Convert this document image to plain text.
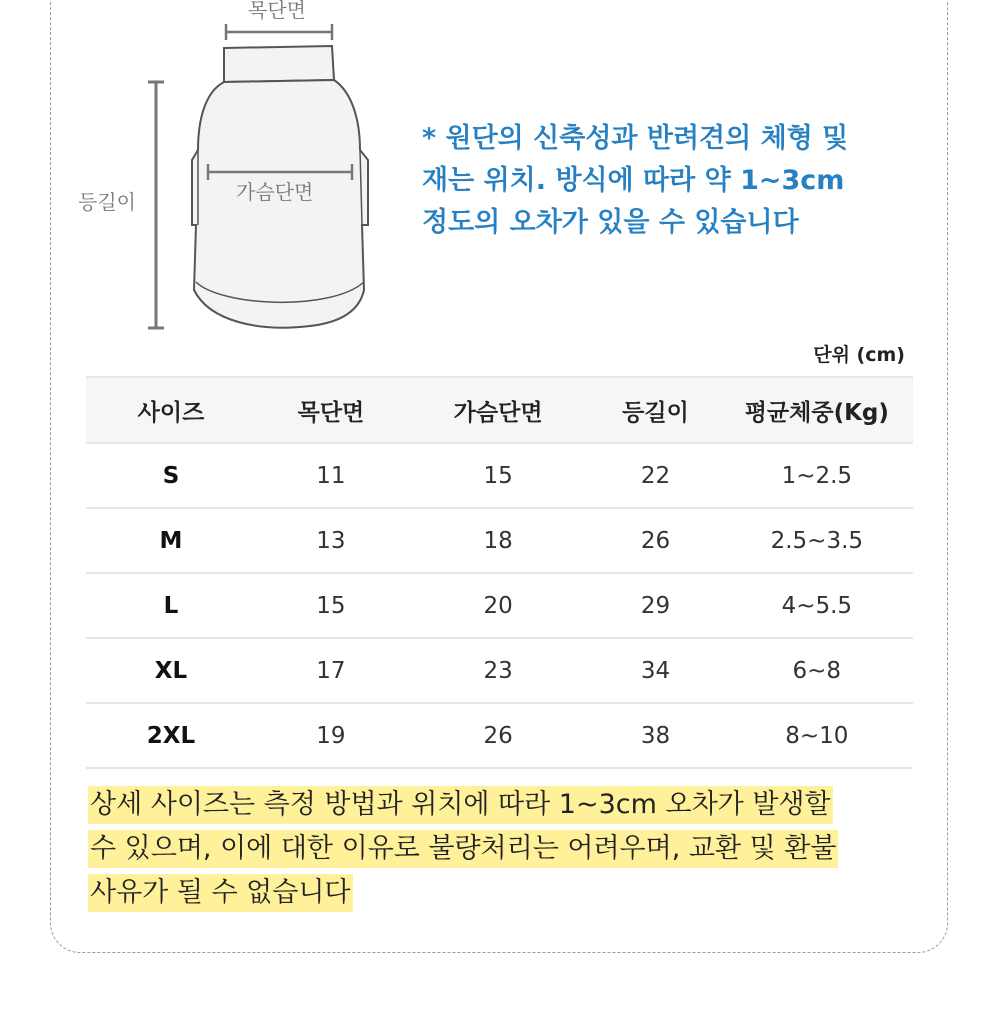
목단면
가슴단면
등길이
* 원단의 신축성과 반려견의 체형 및
재는 위치. 방식에 따라 약 1~3cm
정도의 오차가 있을 수 있습니다
단위 (cm)
사이즈	목단면	가슴단면	등길이	평균체중(Kg)
S	11	15	22	1~2.5
M	13	18	26	2.5~3.5
L	15	20	29	4~5.5
XL	17	23	34	6~8
2XL	19	26	38	8~10
상세 사이즈는 측정 방법과 위치에 따라 1~3cm 오차가 발생할
수 있으며, 이에 대한 이유로 불량처리는 어려우며, 교환 및 환불
사유가 될 수 없습니다
